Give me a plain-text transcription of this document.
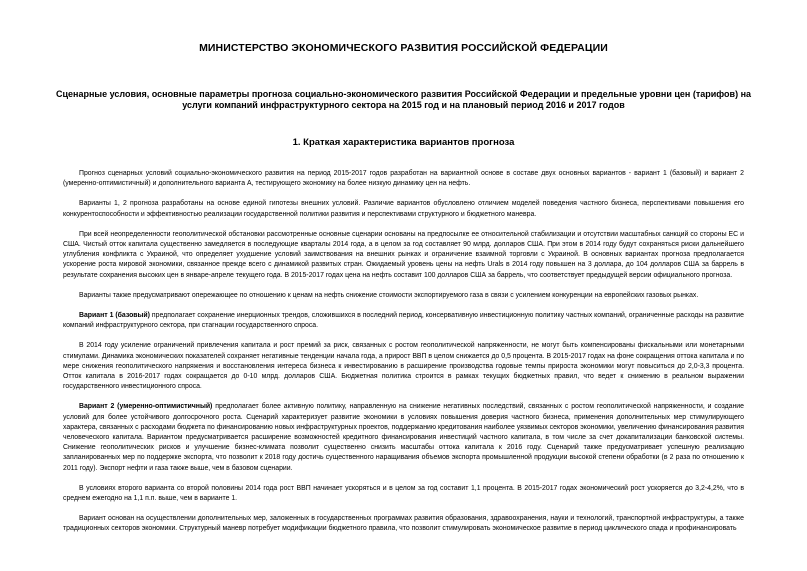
МИНИСТЕРСТВО ЭКОНОМИЧЕСКОГО РАЗВИТИЯ РОССИЙСКОЙ ФЕДЕРАЦИИ
Сценарные условия, основные параметры прогноза социально-экономического развития Российской Федерации и предельные уровни цен (тарифов) на услуги компаний инфраструктурного сектора на 2015 год и на плановый период 2016 и 2017 годов
1. Краткая характеристика вариантов прогноза

Прогноз сценарных условий социально-экономического развития на период 2015-2017 годов разработан на вариантной основе в составе двух основных вариантов - вариант 1 (базовый) и вариант 2 (умеренно-оптимистичный) и дополнительного варианта А, тестирующего экономику на более низкую динамику цен на нефть.

Варианты 1, 2 прогноза разработаны на основе единой гипотезы внешних условий. Различие вариантов обусловлено отличием моделей поведения частного бизнеса, перспективами повышения его конкурентоспособности и эффективностью реализации государственной политики развития и перспективами структурного и бюджетного маневра.

При всей неопределенности геополитической обстановки рассмотренные основные сценарии основаны на предпосылке ее относительной стабилизации и отсутствии масштабных санкций со стороны ЕС и США. Чистый отток капитала существенно замедляется в последующие кварталы 2014 года, а в целом за год составляет 90 млрд. долларов США. При этом в 2014 году будут сохраняться риски дальнейшего углубления конфликта с Украиной, что определяет ухудшение условий заимствования на внешних рынках и ограничение взаимной торговли с Украиной. В основных вариантах прогноза предполагается ускорение роста мировой экономики, связанное прежде всего с динамикой развитых стран. Ожидаемый уровень цены на нефть Urals в 2014 году повышен на 3 доллара, до 104 долларов США за баррель в результате сохранения высоких цен в январе-апреле текущего года. В 2015-2017 годах цена на нефть составит 100 долларов США за баррель, что соответствует предыдущей версии официального прогноза.

Варианты также предусматривают опережающее по отношению к ценам на нефть снижение стоимости экспортируемого газа в связи с усилением конкуренции на европейских газовых рынках.

Вариант 1 (базовый) предполагает сохранение инерционных трендов, сложившихся в последний период, консервативную инвестиционную политику частных компаний, ограниченные расходы на развитие компаний инфраструктурного сектора, при стагнации государственного спроса.

В 2014 году усиление ограничений привлечения капитала и рост премий за риск, связанных с ростом геополитической напряженности, не могут быть компенсированы фискальными или монетарными стимулами. Динамика экономических показателей сохраняет негативные тенденции начала года, а прирост ВВП в целом снижается до 0,5 процента. В 2015-2017 годах на фоне сокращения оттока капитала и по мере снижения геополитического напряжения и восстановления интереса бизнеса к инвестированию в расширение производства годовые темпы прироста экономики могут повыситься до 2,0-3,3 процента. Отток капитала в 2016-2017 годах сокращается до 0-10 млрд. долларов США. Бюджетная политика строится в рамках текущих бюджетных правил, что ведет к снижению в реальном выражении государственного инвестиционного спроса.

Вариант 2 (умеренно-оптимистичный) предполагает более активную политику, направленную на снижение негативных последствий, связанных с ростом геополитической напряженности, и создание условий для более устойчивого долгосрочного роста. Сценарий характеризует развитие экономики в условиях повышения доверия частного бизнеса, применения дополнительных мер стимулирующего характера, связанных с расходами бюджета по финансированию новых инфраструктурных проектов, поддержанию кредитования наиболее уязвимых секторов экономики, увеличению финансирования развития человеческого капитала. Вариантом предусматривается расширение возможностей кредитного финансирования инвестиций частного капитала, в том числе за счет докапитализации банковской системы. Снижение геополитических рисков и улучшение бизнес-климата позволит существенно снизить масштабы оттока капитала к 2016 году. Сценарий также предусматривает успешную реализацию запланированных мер по поддержке экспорта, что позволит к 2018 году достичь существенного наращивания объемов экспорта промышленной продукции высокой степени обработки (в 2 раза по отношению к 2011 году). Экспорт нефти и газа также выше, чем в базовом сценарии.

В условиях второго варианта со второй половины 2014 года рост ВВП начинает ускоряться и в целом за год составит 1,1 процента. В 2015-2017 годах экономический рост ускоряется до 3,2-4,2%, что в среднем ежегодно на 1,1 п.п. выше, чем в варианте 1.

Вариант основан на осуществлении дополнительных мер, заложенных в государственных программах развития образования, здравоохранения, науки и технологий, транспортной инфраструктуры, а также традиционных секторов экономики. Структурный маневр потребует модификации бюджетного правила, что позволит стимулировать экономическое развитие в период циклического спада и профинансировать
